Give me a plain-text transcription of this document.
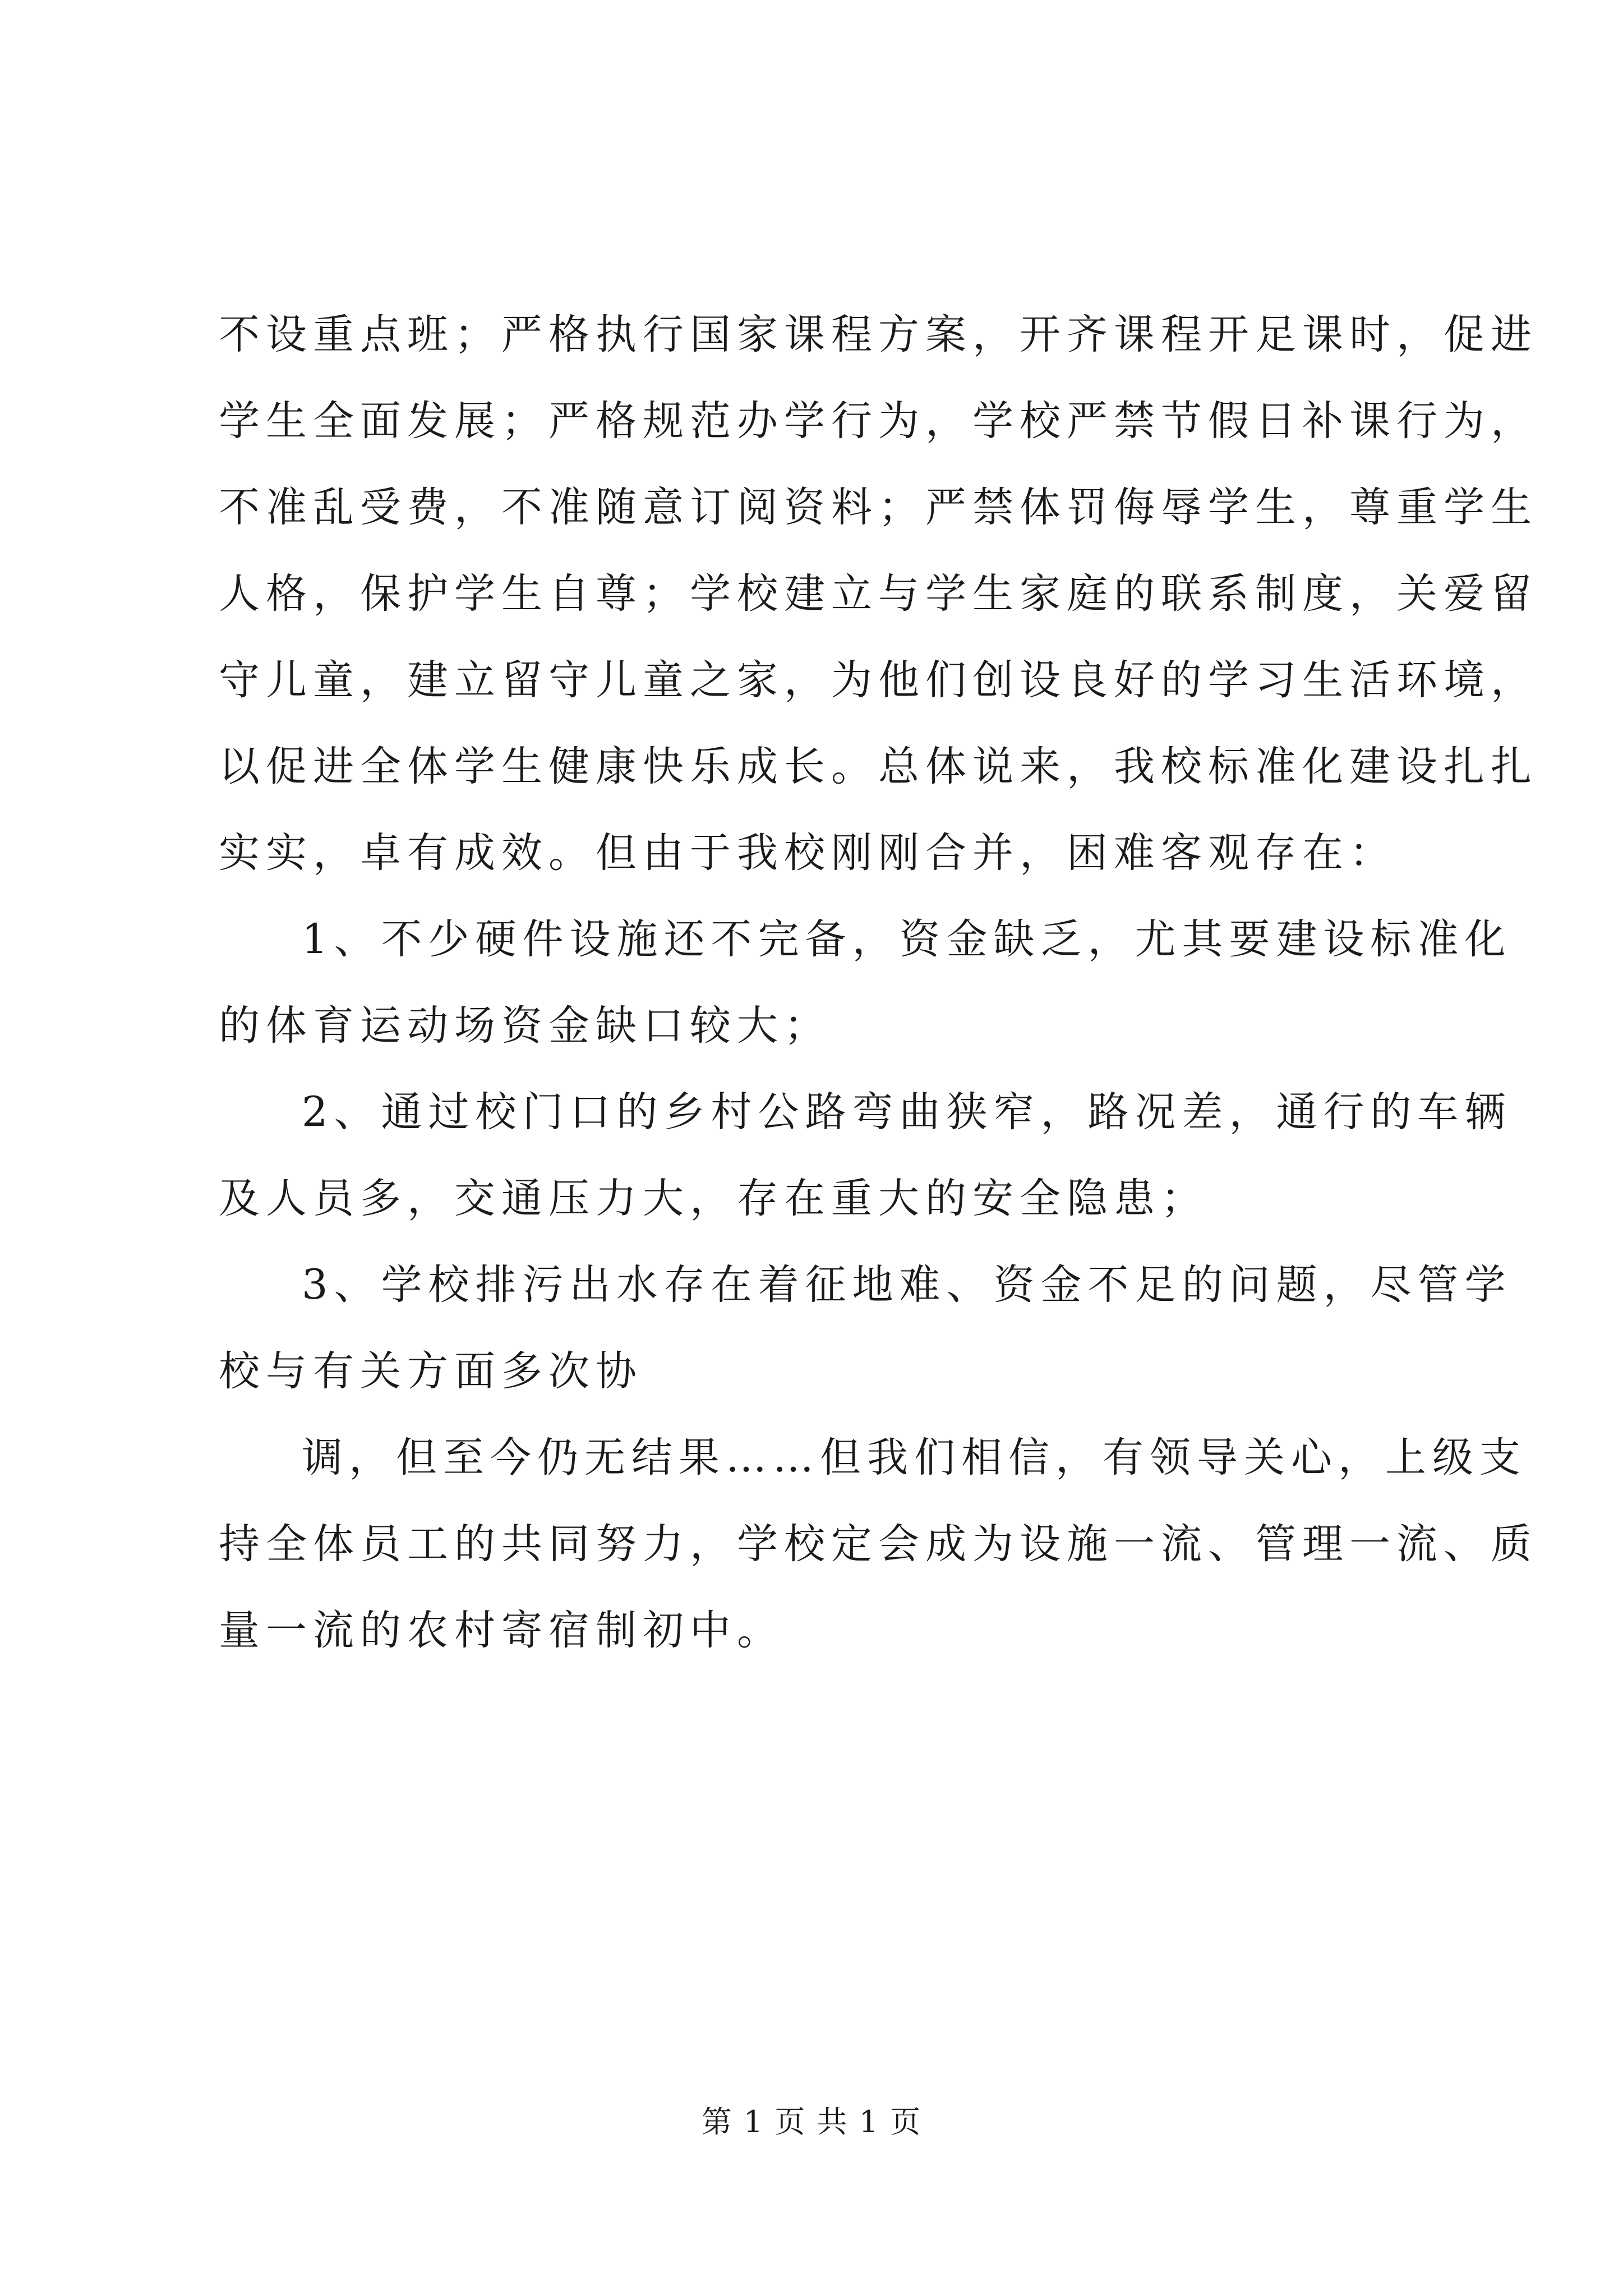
不设重点班；严格执行国家课程方案，开齐课程开足课时，促进
学生全面发展；严格规范办学行为，学校严禁节假日补课行为，
不准乱受费，不准随意订阅资料；严禁体罚侮辱学生，尊重学生
人格，保护学生自尊；学校建立与学生家庭的联系制度，关爱留
守儿童，建立留守儿童之家，为他们创设良好的学习生活环境，
以促进全体学生健康快乐成长。总体说来，我校标准化建设扎扎
实实，卓有成效。但由于我校刚刚合并，困难客观存在：
1、不少硬件设施还不完备，资金缺乏，尤其要建设标准化
的体育运动场资金缺口较大；
2、通过校门口的乡村公路弯曲狭窄，路况差，通行的车辆
及人员多，交通压力大，存在重大的安全隐患；
3、学校排污出水存在着征地难、资金不足的问题，尽管学
校与有关方面多次协
调，但至今仍无结果……但我们相信，有领导关心，上级支
持全体员工的共同努力，学校定会成为设施一流、管理一流、质
量一流的农村寄宿制初中。
第 1 页 共 1 页
